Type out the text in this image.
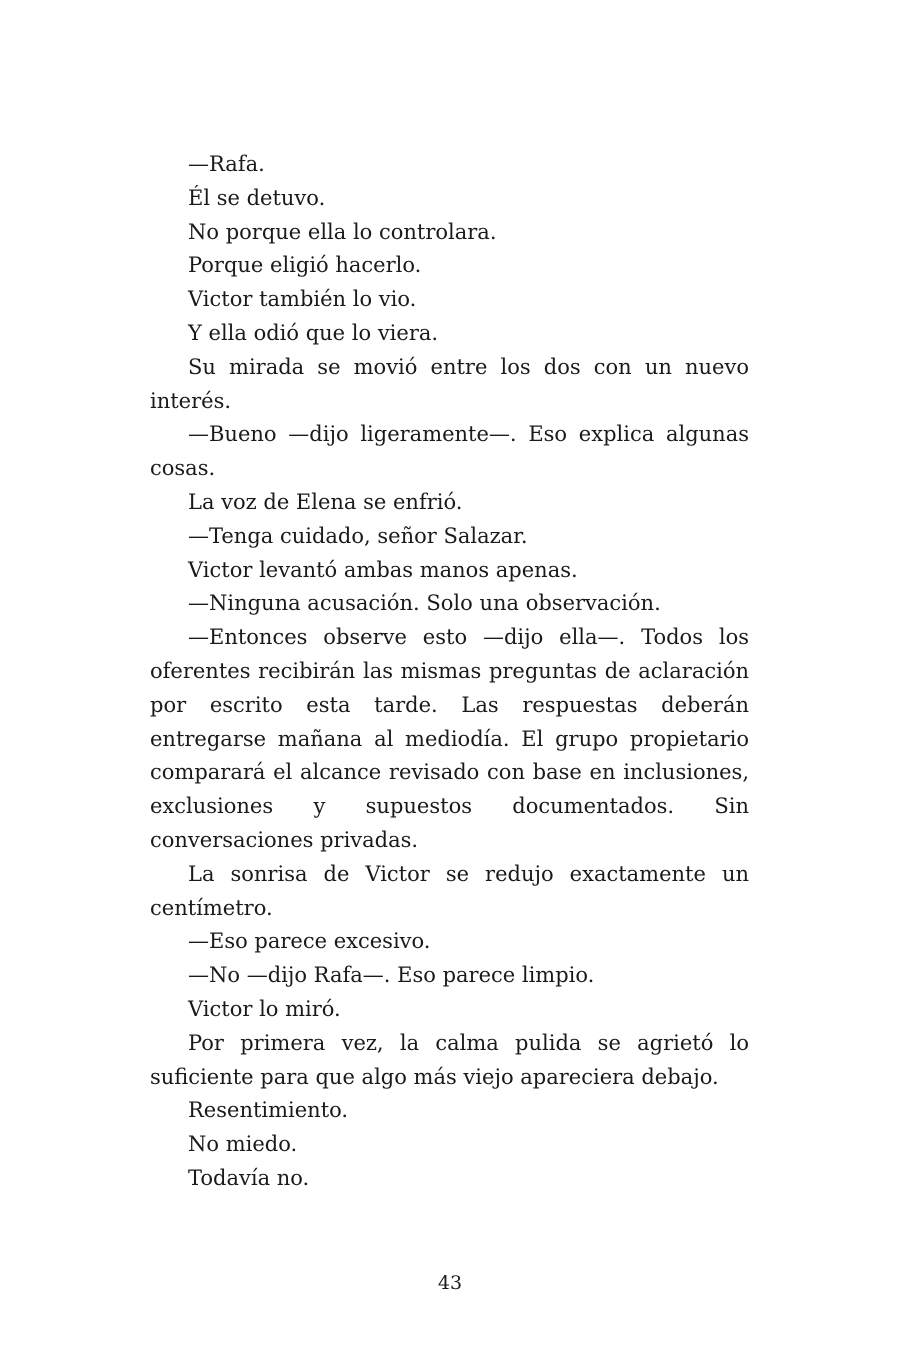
—Rafa.

Él se detuvo.

No porque ella lo controlara.

Porque eligió hacerlo.

Victor también lo vio.

Y ella odió que lo viera.

Su mirada se movió entre los dos con un nuevo interés.

—Bueno —dijo ligeramente—. Eso explica algunas cosas.

La voz de Elena se enfrió.

—Tenga cuidado, señor Salazar.

Victor levantó ambas manos apenas.

—Ninguna acusación. Solo una observación.

—Entonces observe esto —dijo ella—. Todos los oferentes recibirán las mismas preguntas de aclaración por escrito esta tarde. Las respuestas deberán entregarse mañana al mediodía. El grupo propietario comparará el alcance revisado con base en inclusiones, exclusiones y supuestos documentados. Sin conversaciones privadas.

La sonrisa de Victor se redujo exactamente un centímetro.

—Eso parece excesivo.

—No —dijo Rafa—. Eso parece limpio.

Victor lo miró.

Por primera vez, la calma pulida se agrietó lo suficiente para que algo más viejo apareciera debajo.

Resentimiento.

No miedo.

Todavía no.

43
